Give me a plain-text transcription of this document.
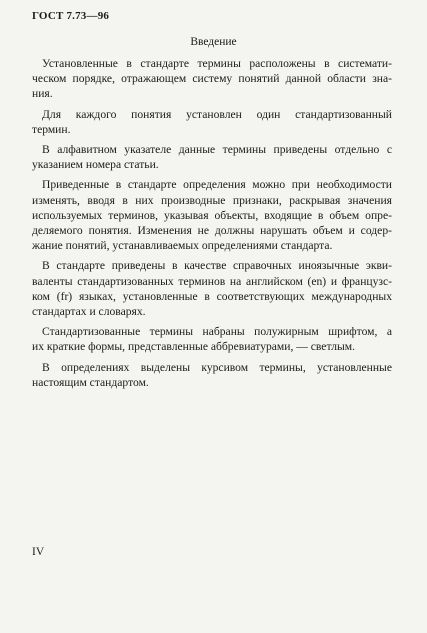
ГОСТ 7.73—96
Введение
Установленные в стандарте термины расположены в системати-
ческом порядке, отражающем систему понятий данной области зна-
ния.
Для каждого понятия установлен один стандартизованный
термин.
В алфавитном указателе данные термины приведены отдельно с
указанием номера статьи.
Приведенные в стандарте определения можно при необходимости
изменять, вводя в них производные признаки, раскрывая значения
используемых терминов, указывая объекты, входящие в объем опре-
деляемого понятия. Изменения не должны нарушать объем и содер-
жание понятий, устанавливаемых определениями стандарта.
В стандарте приведены в качестве справочных иноязычные экви-
валенты стандартизованных терминов на английском (en) и французс-
ком (fr) языках, установленные в соответствующих международных
стандартах и словарях.
Стандартизованные термины набраны полужирным шрифтом, а
их краткие формы, представленные аббревиатурами, — светлым.
В определениях выделены курсивом термины, установленные
настоящим стандартом.
IV
